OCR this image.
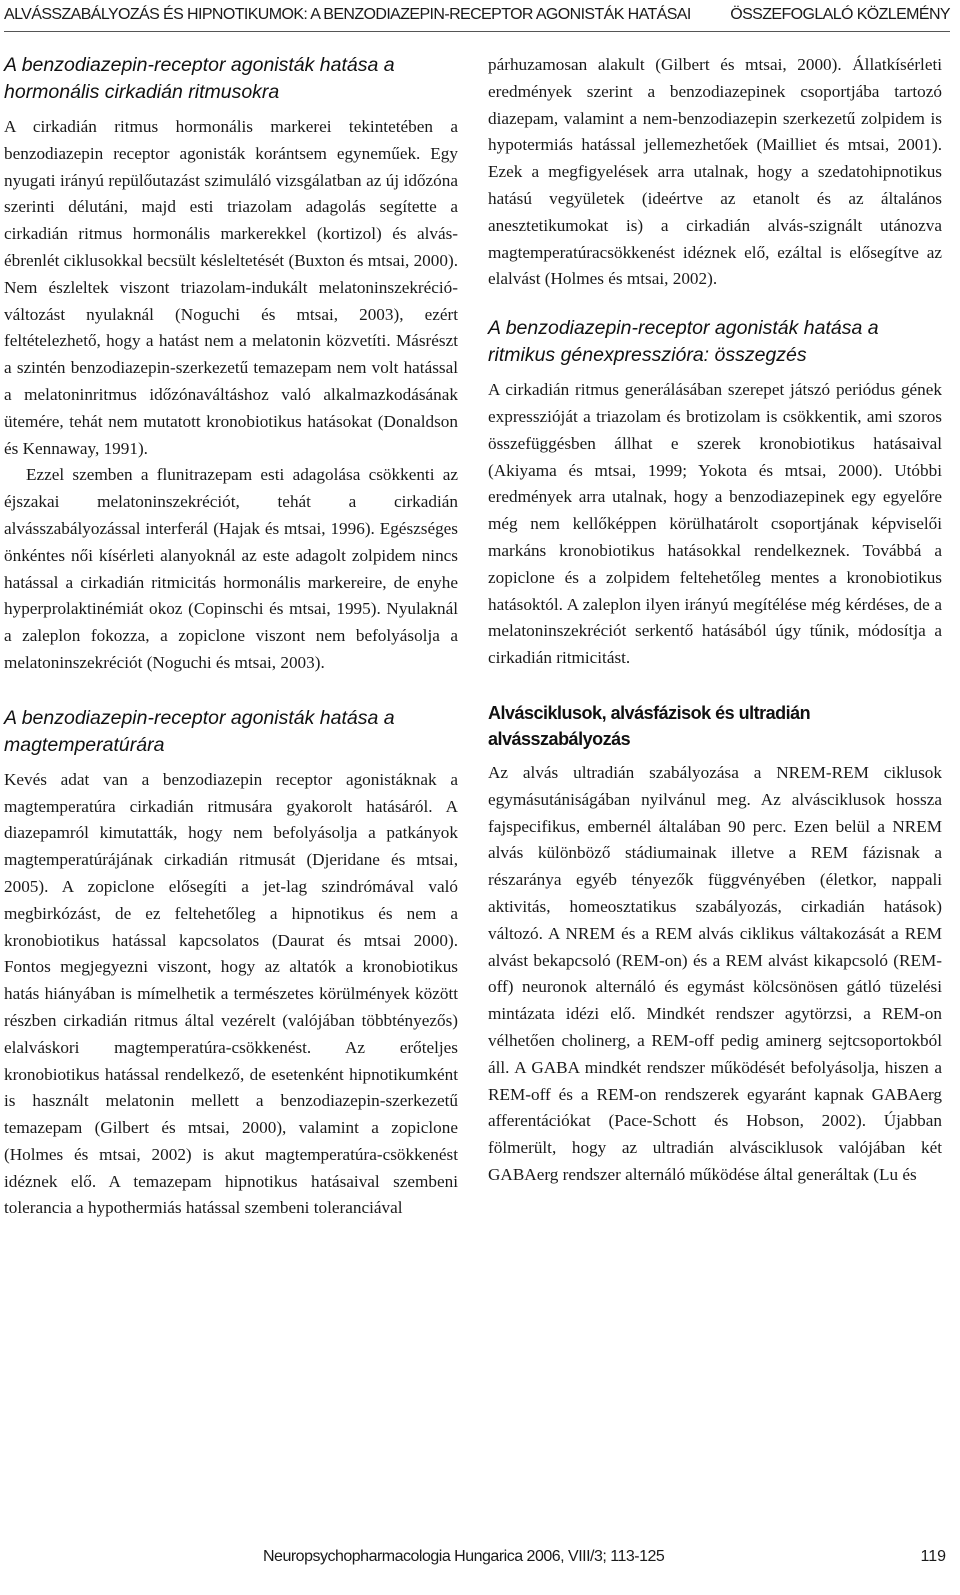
ALVÁSSZABÁLYOZÁS ÉS HIPNOTIKUMOK: A BENZODIAZEPIN-RECEPTOR AGONISTÁK HATÁSAI ÖSSZEFOGLALÓ KÖZLEMÉNY
A benzodiazepin-receptor agonisták hatása a hormonális cirkadián ritmusokra

A cirkadián ritmus hormonális markerei tekintetében a benzodiazepin receptor agonisták korántsem egyneműek. Egy nyugati irányú repülőutazást szimuláló vizsgálatban az új időzóna szerinti délutáni, majd esti triazolam adagolás segítette a cirkadián ritmus hormonális markerekkel (kortizol) és alvás-ébrenlét ciklusokkal becsült késleltetését (Buxton és mtsai, 2000). Nem észleltek viszont triazolam-indukált melatoninszekréció-változást nyulaknál (Noguchi és mtsai, 2003), ezért feltételezhető, hogy a hatást nem a melatonin közvetíti. Másrészt a szintén benzodiazepin-szerkezetű temazepam nem volt hatással a melatoninritmus időzónaváltáshoz való alkalmazkodásának ütemére, tehát nem mutatott kronobiotikus hatásokat (Donaldson és Kennaway, 1991).

Ezzel szemben a flunitrazepam esti adagolása csökkenti az éjszakai melatoninszekréciót, tehát a cirkadián alvásszabályozással interferál (Hajak és mtsai, 1996). Egészséges önkéntes női kísérleti alanyoknál az este adagolt zolpidem nincs hatással a cirkadián ritmicitás hormonális markereire, de enyhe hyperprolaktinémiát okoz (Copinschi és mtsai, 1995). Nyulaknál a zaleplon fokozza, a zopiclone viszont nem befolyásolja a melatoninszekréciót (Noguchi és mtsai, 2003).

A benzodiazepin-receptor agonisták hatása a magtemperatúrára

Kevés adat van a benzodiazepin receptor agonistáknak a magtemperatúra cirkadián ritmusára gyakorolt hatásáról. A diazepamról kimutatták, hogy nem befolyásolja a patkányok magtemperatúrájának cirkadián ritmusát (Djeridane és mtsai, 2005). A zopiclone elősegíti a jet-lag szindrómával való megbirkózást, de ez feltehetőleg a hipnotikus és nem a kronobiotikus hatással kapcsolatos (Daurat és mtsai 2000). Fontos megjegyezni viszont, hogy az altatók a kronobiotikus hatás hiányában is mímelhetik a természetes körülmények között részben cirkadián ritmus által vezérelt (valójában többtényezős) elalváskori magtemperatúra-csökkenést. Az erőteljes kronobiotikus hatással rendelkező, de esetenként hipnotikumként is használt melatonin mellett a benzodiazepin-szerkezetű temazepam (Gilbert és mtsai, 2000), valamint a zopiclone (Holmes és mtsai, 2002) is akut magtemperatúra-csökkenést idéznek elő. A temazepam hipnotikus hatásaival szembeni tolerancia a hypothermiás hatással szembeni toleranciával

párhuzamosan alakult (Gilbert és mtsai, 2000). Állatkísérleti eredmények szerint a benzodiazepinek csoportjába tartozó diazepam, valamint a nem-benzodiazepin szerkezetű zolpidem is hypotermiás hatással jellemezhetőek (Mailliet és mtsai, 2001). Ezek a megfigyelések arra utalnak, hogy a szedatohipnotikus hatású vegyületek (ideértve az etanolt és az általános anesztetikumokat is) a cirkadián alvás-szignált utánozva magtemperatúracsökkenést idéznek elő, ezáltal is elősegítve az elalvást (Holmes és mtsai, 2002).

A benzodiazepin-receptor agonisták hatása a ritmikus génexpresszióra: összegzés

A cirkadián ritmus generálásában szerepet játszó periódus gének expresszióját a triazolam és brotizolam is csökkentik, ami szoros összefüggésben állhat e szerek kronobiotikus hatásaival (Akiyama és mtsai, 1999; Yokota és mtsai, 2000). Utóbbi eredmények arra utalnak, hogy a benzodiazepinek egy egyelőre még nem kellőképpen körülhatárolt csoportjának képviselői markáns kronobiotikus hatásokkal rendelkeznek. Továbbá a zopiclone és a zolpidem feltehetőleg mentes a kronobiotikus hatásoktól. A zaleplon ilyen irányú megítélése még kérdéses, de a melatoninszekréciót serkentő hatásából úgy tűnik, módosítja a cirkadián ritmicitást.

Alvásciklusok, alvásfázisok és ultradián alvásszabályozás

Az alvás ultradián szabályozása a NREM-REM ciklusok egymásutániságában nyilvánul meg. Az alvásciklusok hossza fajspecifikus, embernél általában 90 perc. Ezen belül a NREM alvás különböző stádiumainak illetve a REM fázisnak a részaránya egyéb tényezők függvényében (életkor, nappali aktivitás, homeosztatikus szabályozás, cirkadián hatások) változó. A NREM és a REM alvás ciklikus váltakozását a REM alvást bekapcsoló (REM-on) és a REM alvást kikapcsoló (REM-off) neuronok alternáló és egymást kölcsönösen gátló tüzelési mintázata idézi elő. Mindkét rendszer agytörzsi, a REM-on vélhetően cholinerg, a REM-off pedig aminerg sejtcsoportokból áll. A GABA mindkét rendszer működését befolyásolja, hiszen a REM-off és a REM-on rendszerek egyaránt kapnak GABAerg afferentációkat (Pace-Schott és Hobson, 2002). Újabban fölmerült, hogy az ultradián alvásciklusok valójában két GABAerg rendszer alternáló működése által generáltak (Lu és

Neuropsychopharmacologia Hungarica 2006, VIII/3; 113-125	119
